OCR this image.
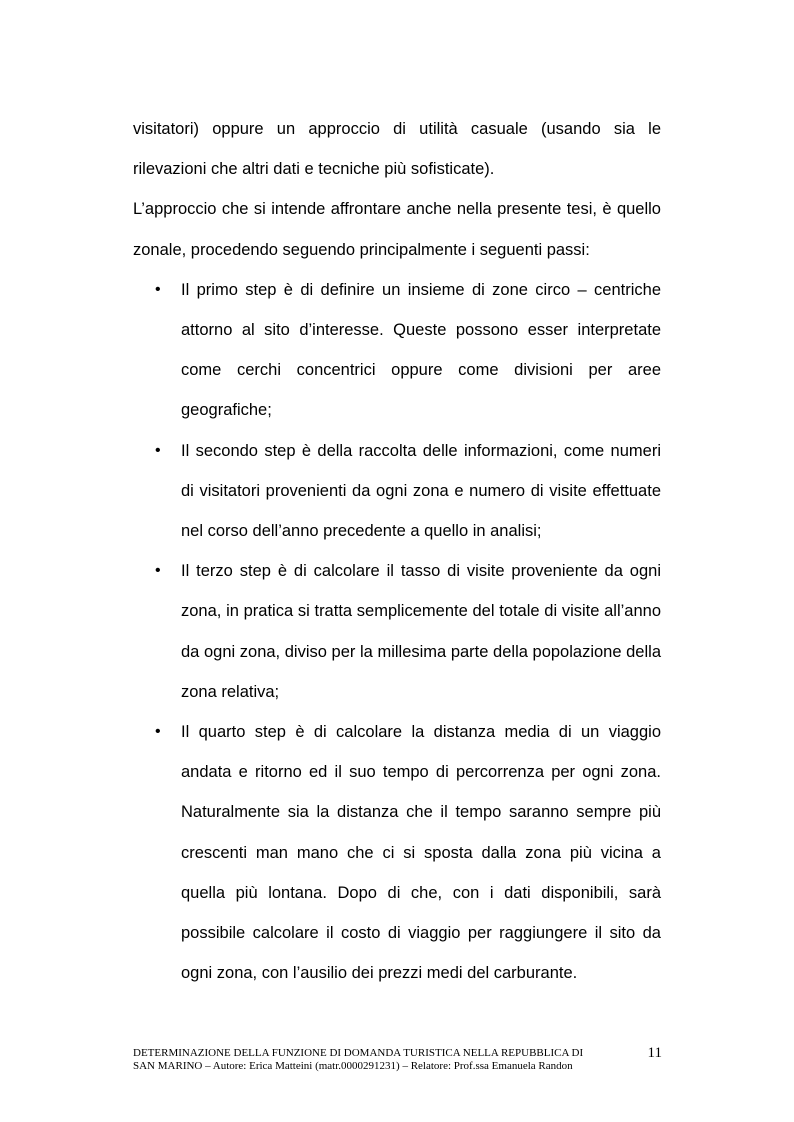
visitatori) oppure un approccio di utilità casuale (usando sia le rilevazioni che altri dati e tecniche più sofisticate).

L’approccio che si intende affrontare anche nella presente tesi, è quello zonale, procedendo seguendo principalmente i seguenti passi:

• Il primo step è di definire un insieme di zone circo – centriche attorno al sito d’interesse. Queste possono esser interpretate come cerchi concentrici oppure come divisioni per aree geografiche;
• Il secondo step è della raccolta delle informazioni, come numeri di visitatori provenienti da ogni zona e numero di visite effettuate nel corso dell’anno precedente a quello in analisi;
• Il terzo step è di calcolare il tasso di visite proveniente da ogni zona, in pratica si tratta semplicemente del totale di visite all’anno da ogni zona, diviso per la millesima parte della popolazione della zona relativa;
• Il quarto step è di calcolare la distanza media di un viaggio andata e ritorno ed il suo tempo di percorrenza per ogni zona. Naturalmente sia la distanza che il tempo saranno sempre più crescenti man mano che ci si sposta dalla zona più vicina a quella più lontana. Dopo di che, con i dati disponibili, sarà possibile calcolare il costo di viaggio per raggiungere il sito da ogni zona, con l’ausilio dei prezzi medi del carburante.
DETERMINAZIONE DELLA FUNZIONE DI DOMANDA TURISTICA NELLA REPUBBLICA DI
SAN MARINO – Autore: Erica Matteini (matr.0000291231) – Relatore: Prof.ssa Emanuela Randon
11
